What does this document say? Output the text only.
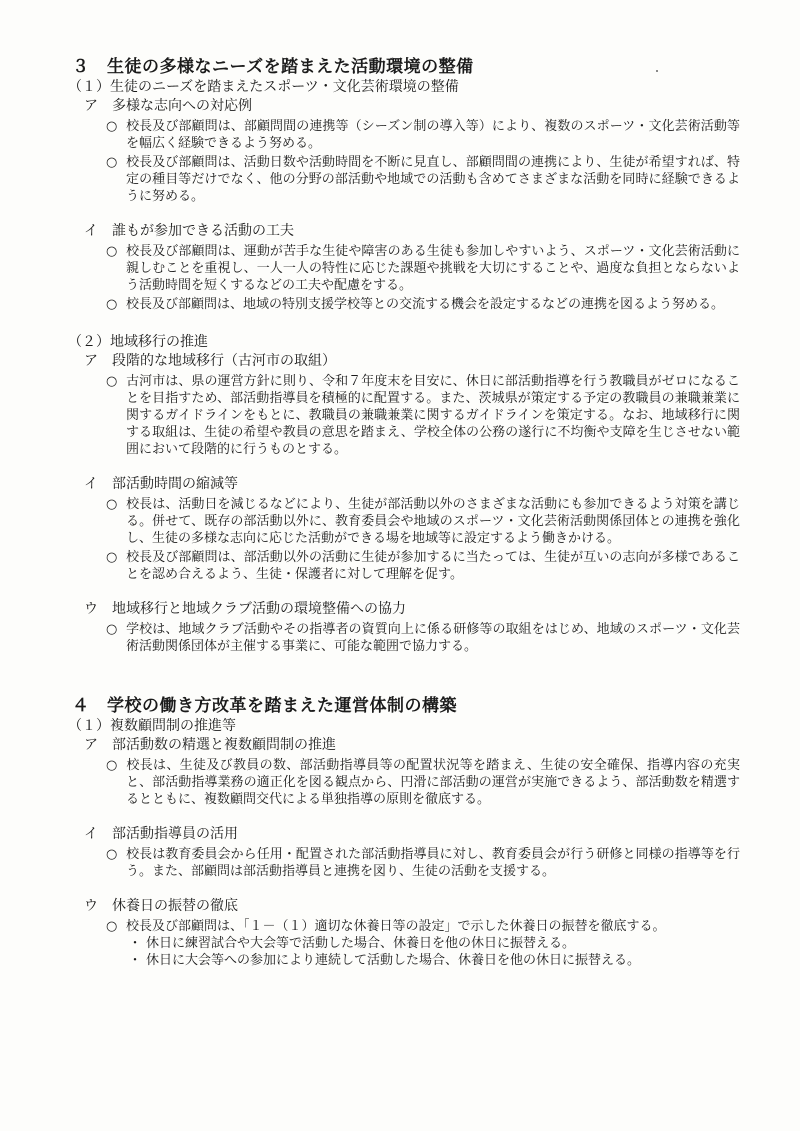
３　生徒の多様なニーズを踏まえた活動環境の整備
（１）生徒のニーズを踏まえたスポーツ・文化芸術環境の整備
ア　多様な志向への対応例
○ 校長及び部顧問は、部顧問間の連携等（シーズン制の導入等）により、複数のスポーツ・文化芸術活動等を幅広く経験できるよう努める。
○ 校長及び部顧問は、活動日数や活動時間を不断に見直し、部顧問間の連携により、生徒が希望すれば、特定の種目等だけでなく、他の分野の部活動や地域での活動も含めてさまざまな活動を同時に経験できるように努める。
イ　誰もが参加できる活動の工夫
○ 校長及び部顧問は、運動が苦手な生徒や障害のある生徒も参加しやすいよう、スポーツ・文化芸術活動に親しむことを重視し、一人一人の特性に応じた課題や挑戦を大切にすることや、過度な負担とならないよう活動時間を短くするなどの工夫や配慮をする。
○ 校長及び部顧問は、地域の特別支援学校等との交流する機会を設定するなどの連携を図るよう努める。
（２）地域移行の推進
ア　段階的な地域移行（古河市の取組）
○ 古河市は、県の運営方針に則り、令和７年度末を目安に、休日に部活動指導を行う教職員がゼロになることを目指すため、部活動指導員を積極的に配置する。また、茨城県が策定する予定の教職員の兼職兼業に関するガイドラインをもとに、教職員の兼職兼業に関するガイドラインを策定する。なお、地域移行に関する取組は、生徒の希望や教員の意思を踏まえ、学校全体の公務の遂行に不均衡や支障を生じさせない範囲において段階的に行うものとする。
イ　部活動時間の縮減等
○ 校長は、活動日を減じるなどにより、生徒が部活動以外のさまざまな活動にも参加できるよう対策を講じる。併せて、既存の部活動以外に、教育委員会や地域のスポーツ・文化芸術活動関係団体との連携を強化し、生徒の多様な志向に応じた活動ができる場を地域等に設定するよう働きかける。
○ 校長及び部顧問は、部活動以外の活動に生徒が参加するに当たっては、生徒が互いの志向が多様であることを認め合えるよう、生徒・保護者に対して理解を促す。
ウ　地域移行と地域クラブ活動の環境整備への協力
○ 学校は、地域クラブ活動やその指導者の資質向上に係る研修等の取組をはじめ、地域のスポーツ・文化芸術活動関係団体が主催する事業に、可能な範囲で協力する。
４　学校の働き方改革を踏まえた運営体制の構築
（１）複数顧問制の推進等
ア　部活動数の精選と複数顧問制の推進
○ 校長は、生徒及び教員の数、部活動指導員等の配置状況等を踏まえ、生徒の安全確保、指導内容の充実と、部活動指導業務の適正化を図る観点から、円滑に部活動の運営が実施できるよう、部活動数を精選するとともに、複数顧問交代による単独指導の原則を徹底する。
イ　部活動指導員の活用
○ 校長は教育委員会から任用・配置された部活動指導員に対し、教育委員会が行う研修と同様の指導等を行う。また、部顧問は部活動指導員と連携を図り、生徒の活動を支援する。
ウ　休養日の振替の徹底
○ 校長及び部顧問は、「１－（１）適切な休養日等の設定」で示した休養日の振替を徹底する。
・ 休日に練習試合や大会等で活動した場合、休養日を他の休日に振替える。
・ 休日に大会等への参加により連続して活動した場合、休養日を他の休日に振替える。
